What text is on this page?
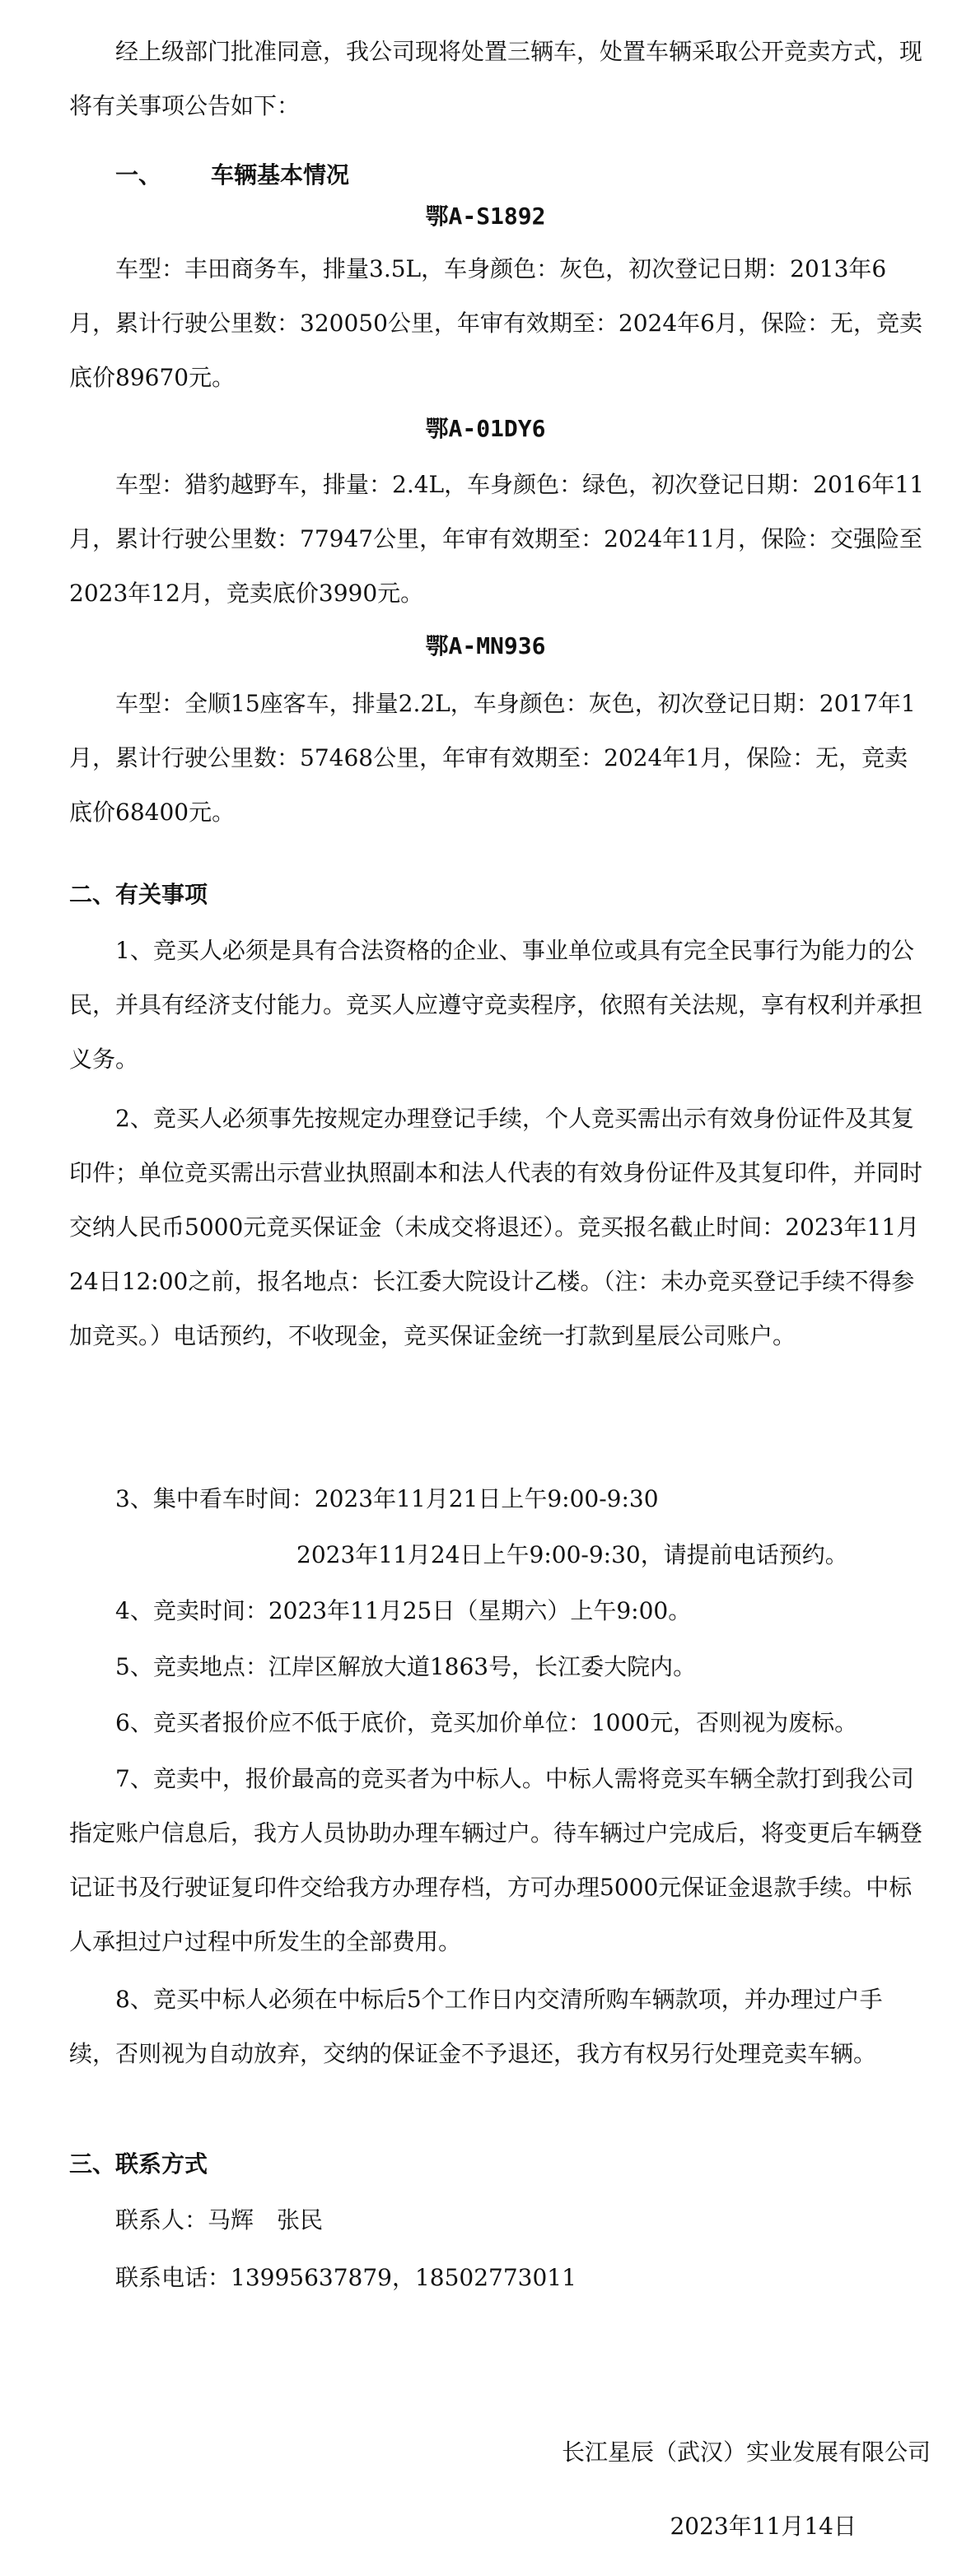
经上级部门批准同意，我公司现将处置三辆车，处置车辆采取公开竞卖方式，现将有关事项公告如下：

一、 车辆基本情况

鄂A-S1892

车型：丰田商务车，排量3.5L，车身颜色：灰色，初次登记日期：2013年6月，累计行驶公里数：320050公里，年审有效期至：2024年6月，保险：无，竞卖底价89670元。

鄂A-01DY6

车型：猎豹越野车，排量：2.4L，车身颜色：绿色，初次登记日期：2016年11月，累计行驶公里数：77947公里，年审有效期至：2024年11月，保险：交强险至2023年12月，竞卖底价3990元。

鄂A-MN936

车型：全顺15座客车，排量2.2L，车身颜色：灰色，初次登记日期：2017年1月，累计行驶公里数：57468公里，年审有效期至：2024年1月，保险：无，竞卖底价68400元。

二、有关事项

1、竞买人必须是具有合法资格的企业、事业单位或具有完全民事行为能力的公民，并具有经济支付能力。竞买人应遵守竞卖程序，依照有关法规，享有权利并承担义务。

2、竞买人必须事先按规定办理登记手续，个人竞买需出示有效身份证件及其复印件；单位竞买需出示营业执照副本和法人代表的有效身份证件及其复印件，并同时交纳人民币5000元竞买保证金（未成交将退还）。竞买报名截止时间：2023年11月24日12:00之前，报名地点：长江委大院设计乙楼。（注：未办竞买登记手续不得参加竞买。）电话预约，不收现金，竞买保证金统一打款到星辰公司账户。

3、集中看车时间：2023年11月21日上午9:00-9:30

2023年11月24日上午9:00-9:30，请提前电话预约。

4、竞卖时间：2023年11月25日（星期六）上午9:00。

5、竞卖地点：江岸区解放大道1863号，长江委大院内。

6、竞买者报价应不低于底价，竞买加价单位：1000元，否则视为废标。

7、竞卖中，报价最高的竞买者为中标人。中标人需将竞买车辆全款打到我公司指定账户信息后，我方人员协助办理车辆过户。待车辆过户完成后，将变更后车辆登记证书及行驶证复印件交给我方办理存档，方可办理5000元保证金退款手续。中标人承担过户过程中所发生的全部费用。

8、竞买中标人必须在中标后5个工作日内交清所购车辆款项，并办理过户手续，否则视为自动放弃，交纳的保证金不予退还，我方有权另行处理竞卖车辆。

三、联系方式

联系人：马辉　张民

联系电话：13995637879，18502773011

长江星辰（武汉）实业发展有限公司

2023年11月14日
